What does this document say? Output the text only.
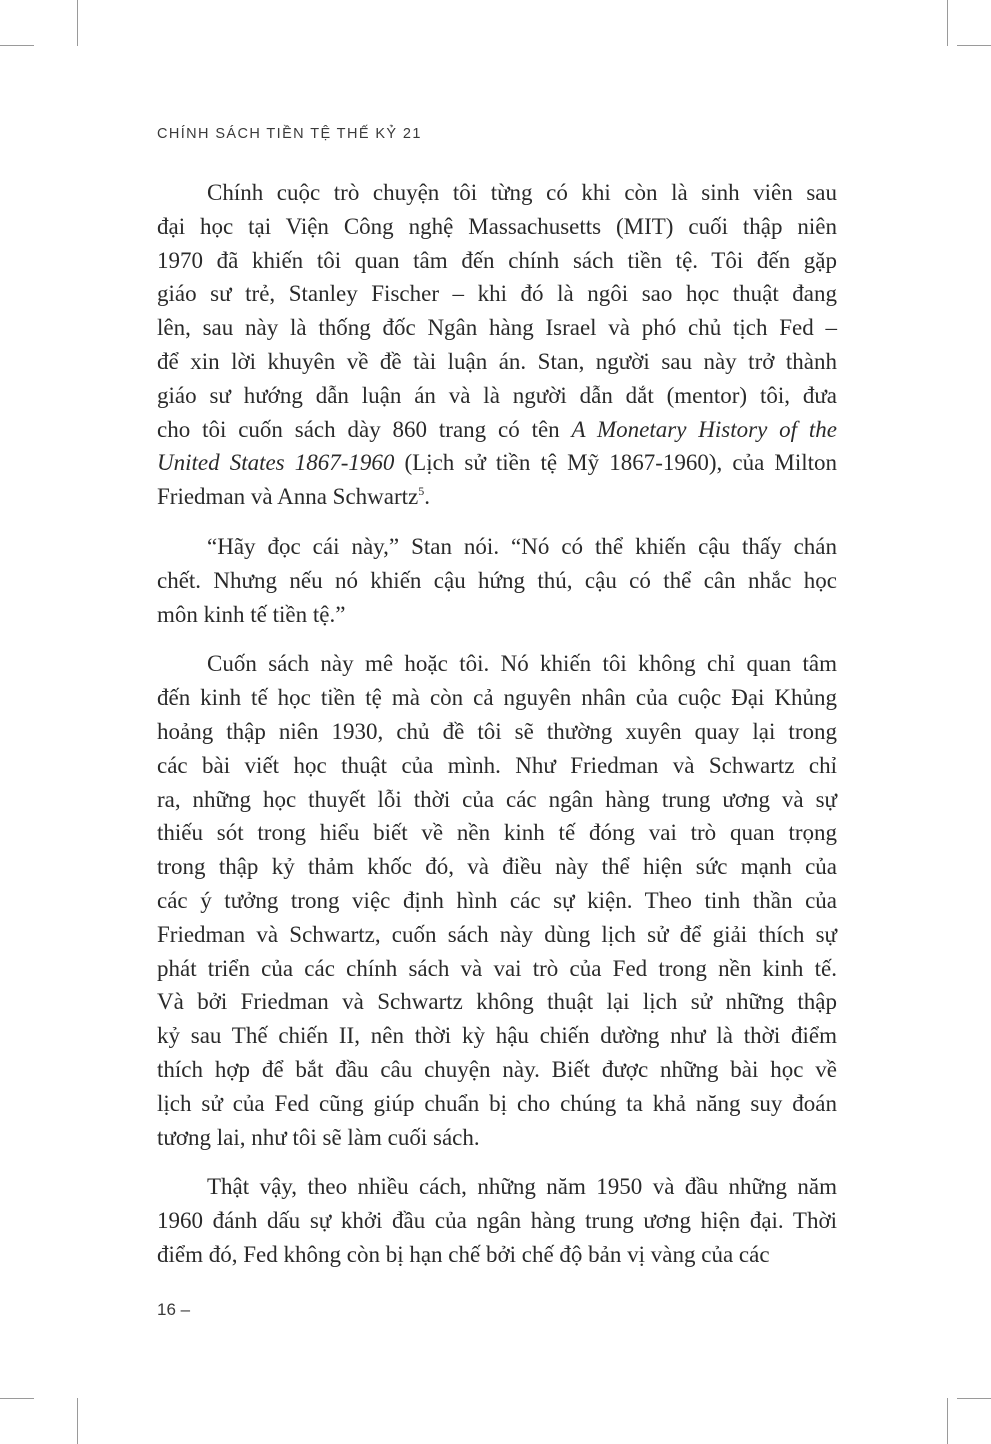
CHÍNH SÁCH TIỀN TỆ THẾ KỶ 21
Chính cuộc trò chuyện tôi từng có khi còn là sinh viên sau
đại học tại Viện Công nghệ Massachusetts (MIT) cuối thập niên
1970 đã khiến tôi quan tâm đến chính sách tiền tệ. Tôi đến gặp
giáo sư trẻ, Stanley Fischer – khi đó là ngôi sao học thuật đang
lên, sau này là thống đốc Ngân hàng Israel và phó chủ tịch Fed –
để xin lời khuyên về đề tài luận án. Stan, người sau này trở thành
giáo sư hướng dẫn luận án và là người dẫn dắt (mentor) tôi, đưa
cho tôi cuốn sách dày 860 trang có tên A Monetary History of the
United States 1867-1960 (Lịch sử tiền tệ Mỹ 1867-1960), của Milton
Friedman và Anna Schwartz$^5$.
“Hãy đọc cái này,” Stan nói. “Nó có thể khiến cậu thấy chán
chết. Nhưng nếu nó khiến cậu hứng thú, cậu có thể cân nhắc học
môn kinh tế tiền tệ.”
Cuốn sách này mê hoặc tôi. Nó khiến tôi không chỉ quan tâm
đến kinh tế học tiền tệ mà còn cả nguyên nhân của cuộc Đại Khủng
hoảng thập niên 1930, chủ đề tôi sẽ thường xuyên quay lại trong
các bài viết học thuật của mình. Như Friedman và Schwartz chỉ
ra, những học thuyết lỗi thời của các ngân hàng trung ương và sự
thiếu sót trong hiểu biết về nền kinh tế đóng vai trò quan trọng
trong thập kỷ thảm khốc đó, và điều này thể hiện sức mạnh của
các ý tưởng trong việc định hình các sự kiện. Theo tinh thần của
Friedman và Schwartz, cuốn sách này dùng lịch sử để giải thích sự
phát triển của các chính sách và vai trò của Fed trong nền kinh tế.
Và bởi Friedman và Schwartz không thuật lại lịch sử những thập
kỷ sau Thế chiến II, nên thời kỳ hậu chiến dường như là thời điểm
thích hợp để bắt đầu câu chuyện này. Biết được những bài học về
lịch sử của Fed cũng giúp chuẩn bị cho chúng ta khả năng suy đoán
tương lai, như tôi sẽ làm cuối sách.
Thật vậy, theo nhiều cách, những năm 1950 và đầu những năm
1960 đánh dấu sự khởi đầu của ngân hàng trung ương hiện đại. Thời
điểm đó, Fed không còn bị hạn chế bởi chế độ bản vị vàng của các
16 –
